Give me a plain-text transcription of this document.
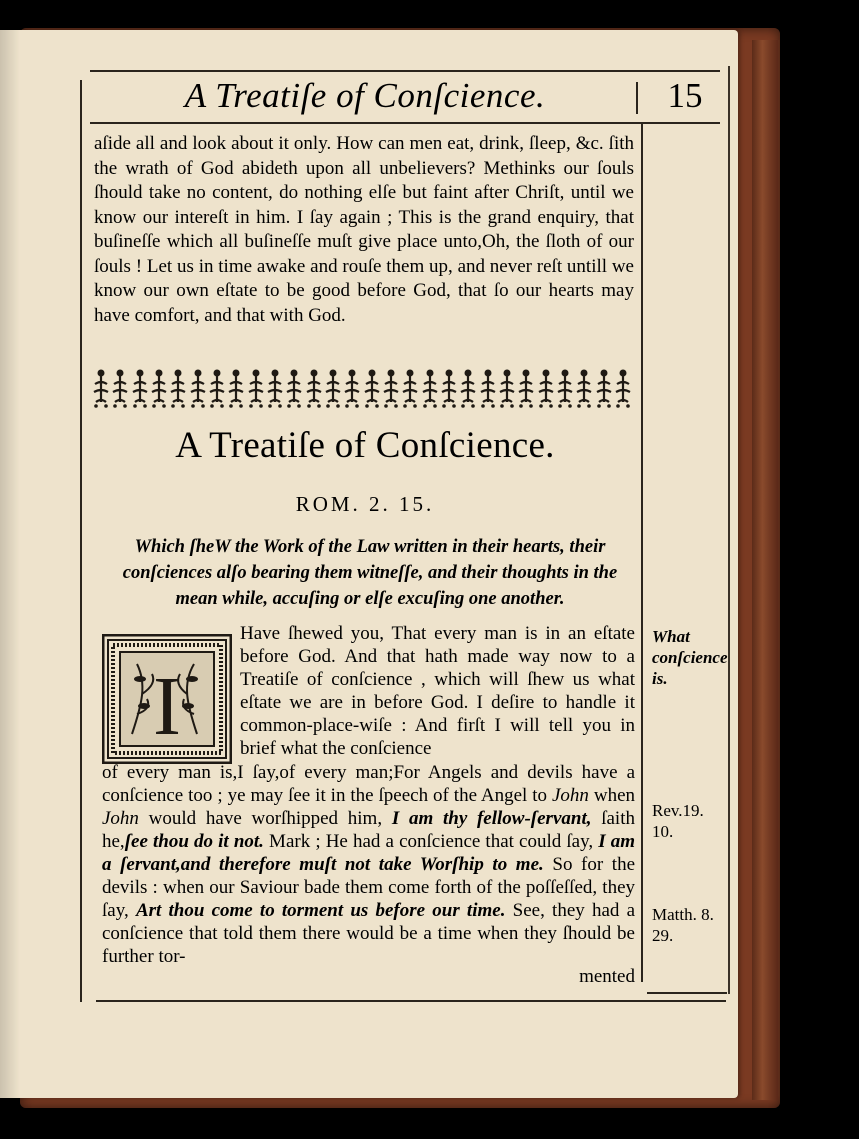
A Treatiſe of Conſcience.	15
aſide all and look about it only. How can men eat, drink, ſleep, &c. ſith the wrath of God abideth upon all unbelievers? Methinks our ſouls ſhould take no content, do nothing elſe but faint after Chriſt, until we know our intereſt in him. I ſay again ; This is the grand enquiry, that buſineſſe which all buſineſſe muſt give place unto,Oh, the ſloth of our ſouls ! Let us in time awake and rouſe them up, and never reſt untill we know our own eſtate to be good before God, that ſo our hearts may have comfort, and that with God.
A Treatiſe of Conſcience.
ROM. 2. 15.
Which ſheW the Work of the Law written in their hearts, their conſciences alſo bearing them witneſſe, and their thoughts in the mean while, accuſing or elſe excuſing one another.
I
Have ſhewed you, That every man is in an eſtate before God. And that hath made way now to a Treatiſe of conſcience , which will ſhew us what eſtate we are in before God. I deſire to handle it common-place-wiſe : And firſt I will tell you in brief what the conſcience
of every man is,I ſay,of every man;For Angels and devils have a conſcience too ; ye may ſee it in the ſpeech of the Angel to John when John would have worſhipped him, I am thy fellow-ſervant, ſaith he,ſee thou do it not. Mark ; He had a conſcience that could ſay, I am a ſervant,and therefore muſt not take Worſhip to me. So for the devils : when our Saviour bade them come forth of the poſſeſſed, they ſay, Art thou come to torment us before our time. See, they had a conſcience that told them there would be a time when they ſhould be further tor-
mented
What conſcience is.
Rev.19. 10.
Matth. 8. 29.
